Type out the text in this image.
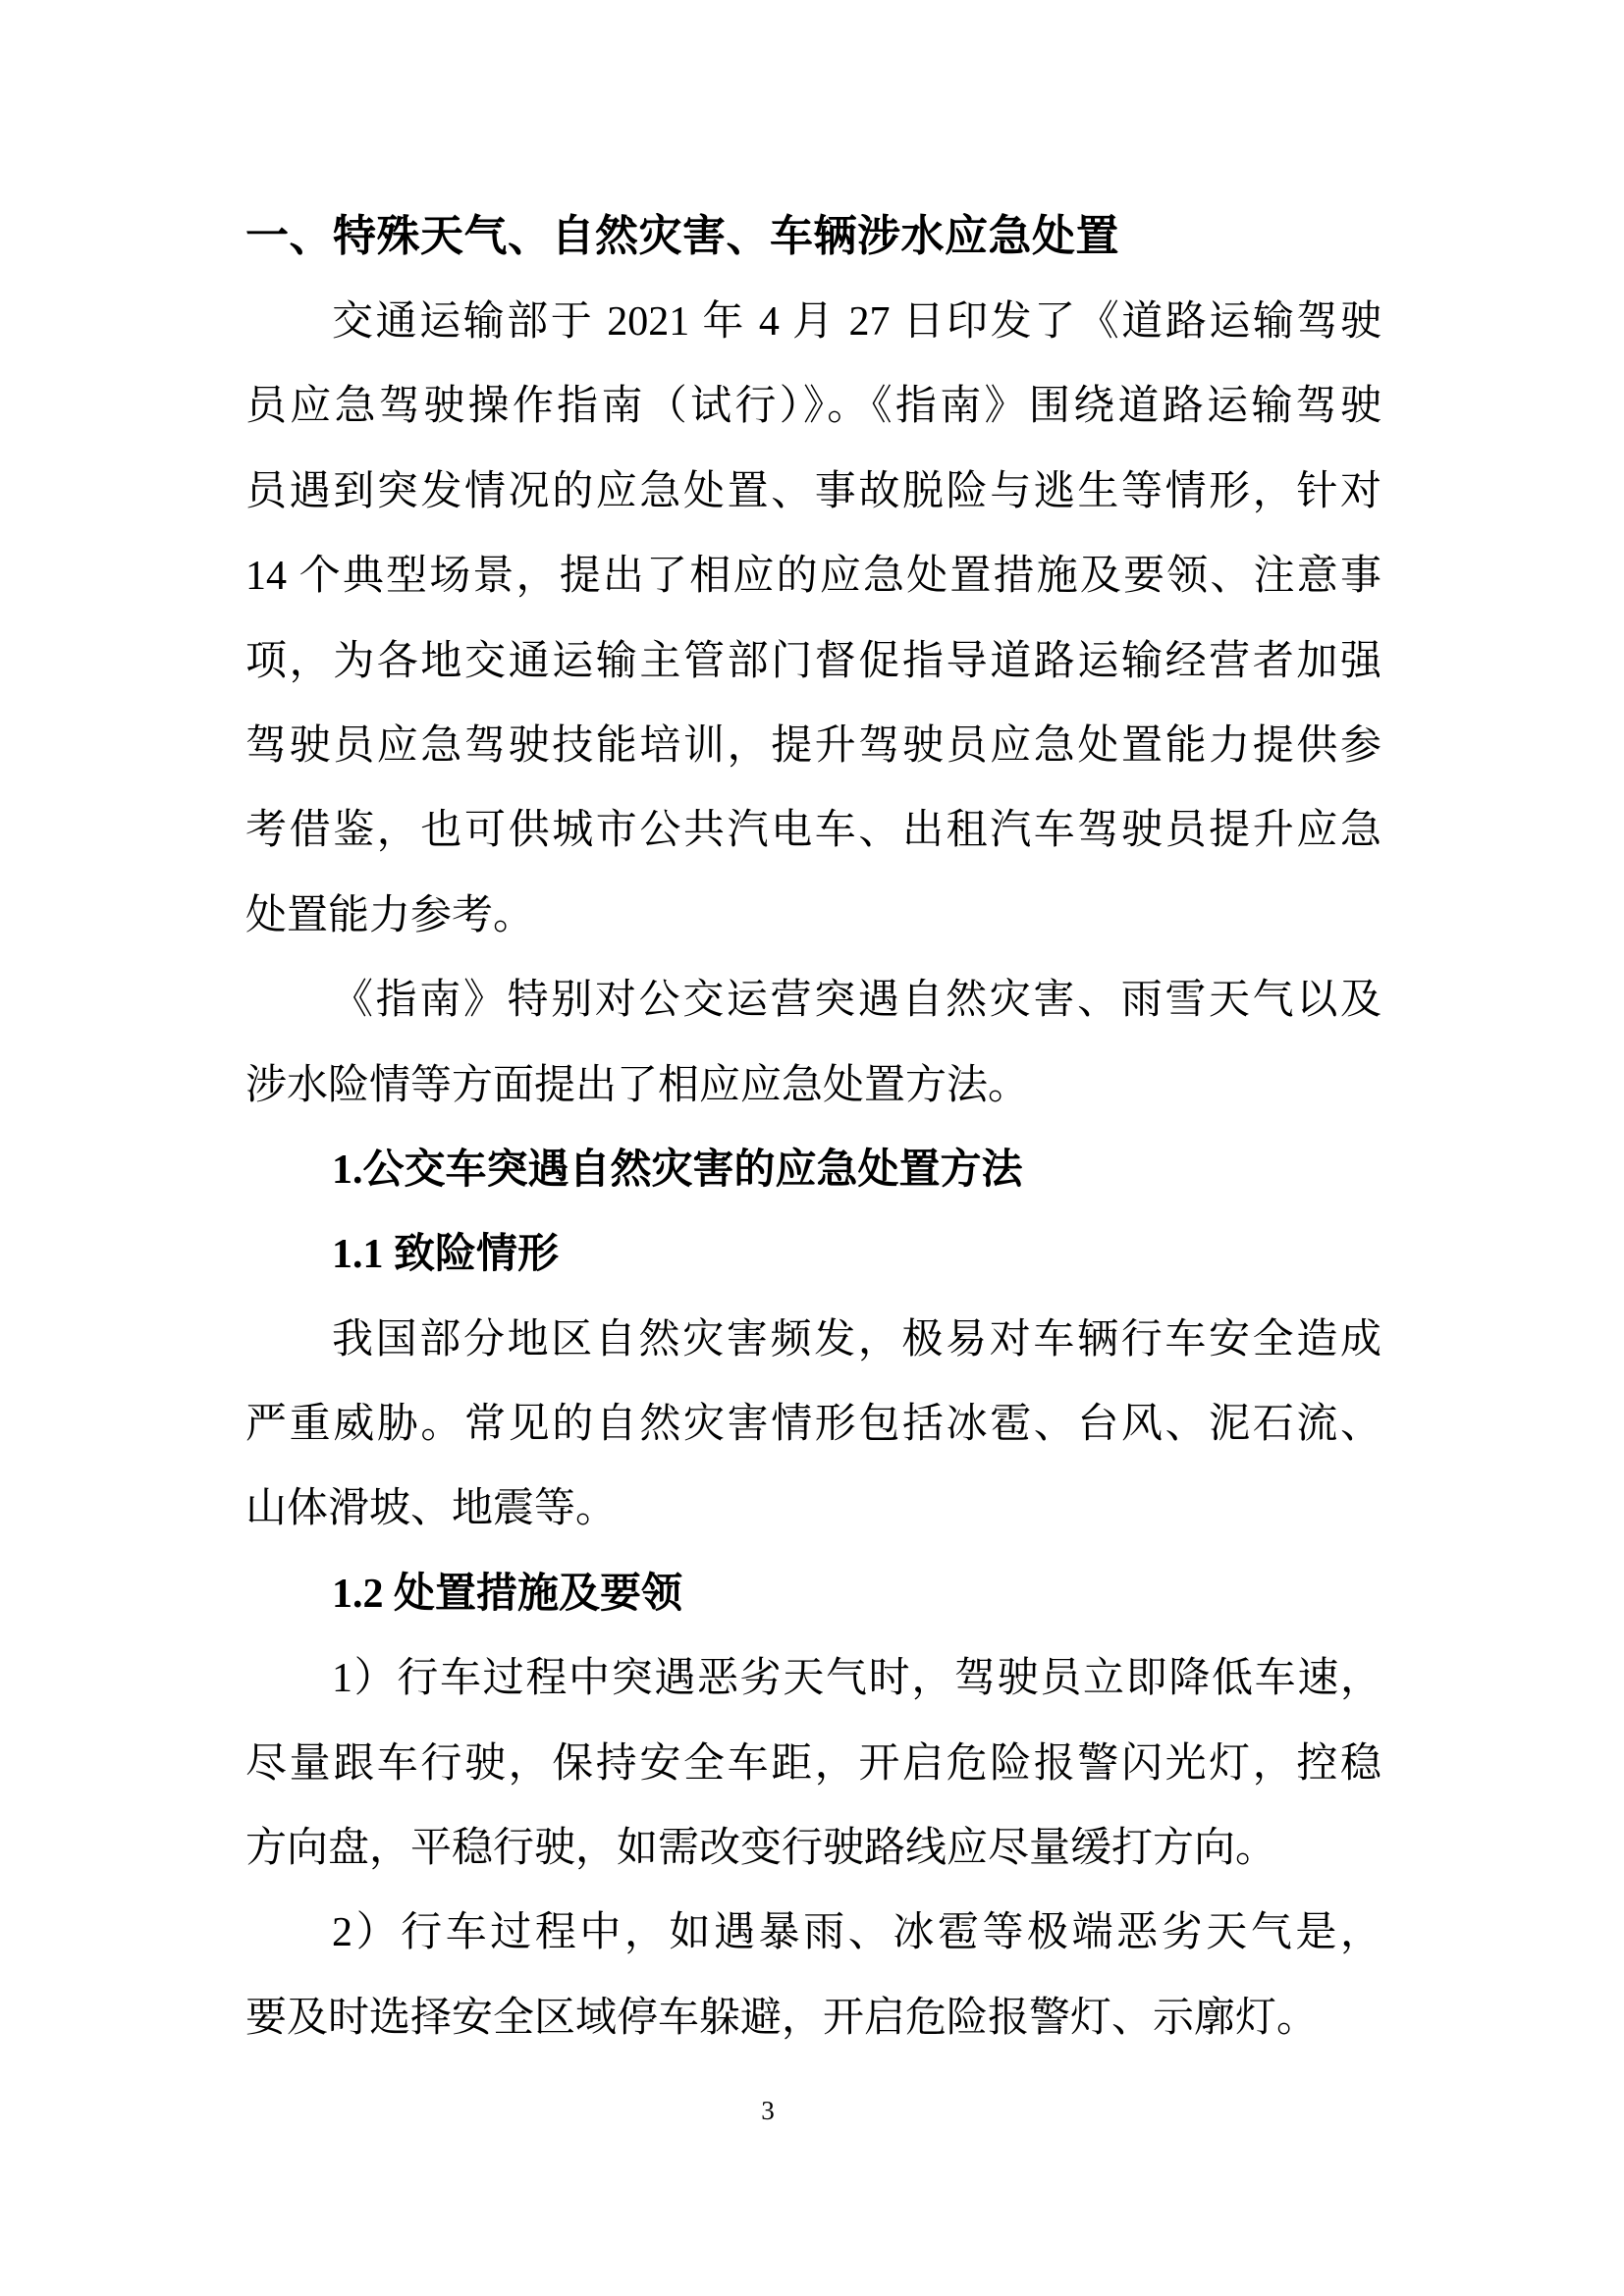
一、特殊天气、自然灾害、车辆涉水应急处置
交通运输部于 2021 年 4 月 27 日印发了《道路运输驾驶
员应急驾驶操作指南（试行）》。《指南》围绕道路运输驾驶
员遇到突发情况的应急处置、事故脱险与逃生等情形，针对
14 个典型场景，提出了相应的应急处置措施及要领、注意事
项，为各地交通运输主管部门督促指导道路运输经营者加强
驾驶员应急驾驶技能培训，提升驾驶员应急处置能力提供参
考借鉴，也可供城市公共汽电车、出租汽车驾驶员提升应急
处置能力参考。
《指南》特别对公交运营突遇自然灾害、雨雪天气以及
涉水险情等方面提出了相应应急处置方法。
1.公交车突遇自然灾害的应急处置方法
1.1 致险情形
我国部分地区自然灾害频发，极易对车辆行车安全造成
严重威胁。常见的自然灾害情形包括冰雹、台风、泥石流、
山体滑坡、地震等。
1.2 处置措施及要领
1）行车过程中突遇恶劣天气时，驾驶员立即降低车速，
尽量跟车行驶，保持安全车距，开启危险报警闪光灯，控稳
方向盘，平稳行驶，如需改变行驶路线应尽量缓打方向。
2）行车过程中，如遇暴雨、冰雹等极端恶劣天气是，
要及时选择安全区域停车躲避，开启危险报警灯、示廓灯。
3
